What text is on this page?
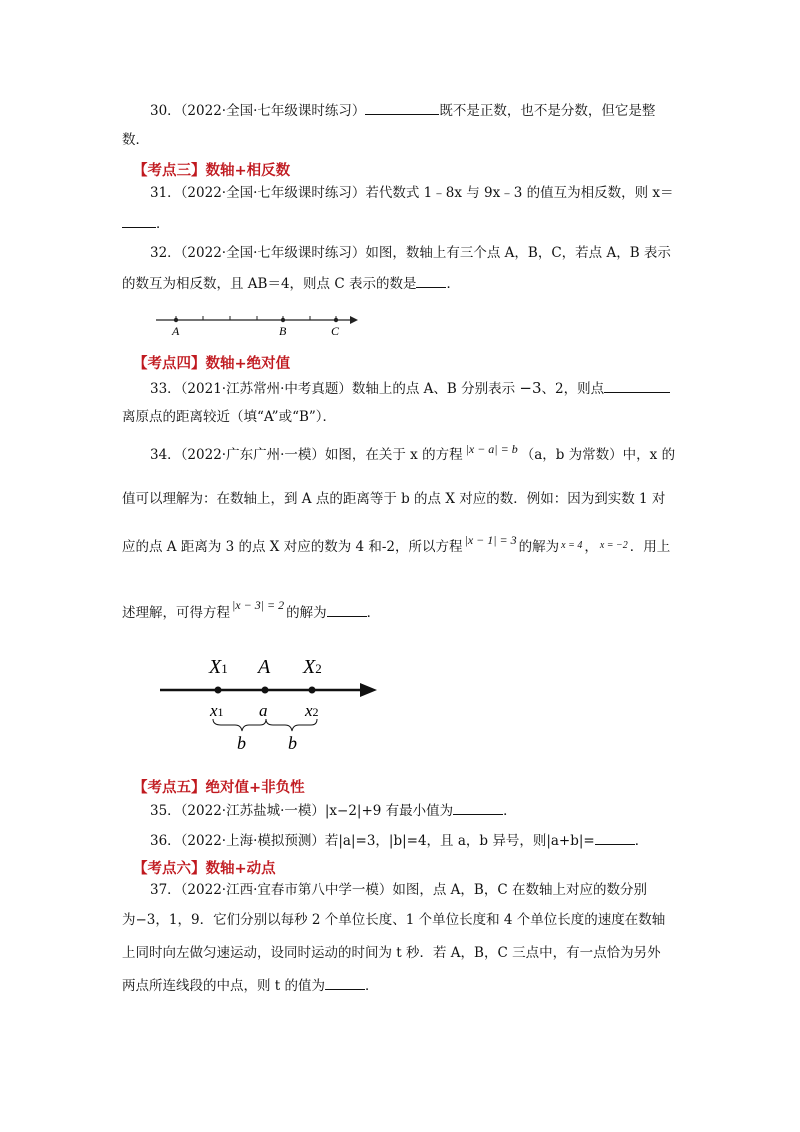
30．（2022·全国·七年级课时练习）	既不是正数，也不是分数，但它是整
数．
【考点三】数轴+相反数
31．（2022·全国·七年级课时练习）若代数式 1﹣8x 与 9x﹣3 的值互为相反数，则 x＝
．
32．（2022·全国·七年级课时练习）如图，数轴上有三个点 A，B，C，若点 A，B 表示
的数互为相反数，且 AB＝4，则点 C 表示的数是 ．
A	B	C
【考点四】数轴+绝对值
33．（2021·江苏常州·中考真题）数轴上的点 A、B 分别表示 −3、2，则点
离原点的距离较近（填“A”或“B”）．
34．（2022·广东广州·一模）如图，在关于 x 的方程 |x − a| = b （a，b 为常数）中，x 的
值可以理解为：在数轴上，到 A 点的距离等于 b 的点 X 对应的数．例如：因为到实数 1 对
应的点 A 距离为 3 的点 X 对应的数为 4 和-2，所以方程 |x − 1| = 3 的解为 $^{x = 4}$ ， $^{x = -2}$ ．用上
述理解，可得方程 |x − 3| = 2 的解为	．
X1 A X2
x1 a x2
b b
【考点五】绝对值+非负性
35．（2022·江苏盐城·一模）|x−2|+9 有最小值为	．
36．（2022·上海·模拟预测）若|a|=3，|b|=4，且 a，b 异号，则|a+b|=	．
【考点六】数轴+动点
37．（2022·江西·宜春市第八中学一模）如图，点 A，B，C 在数轴上对应的数分别
为−3，1，9．它们分别以每秒 2 个单位长度、1 个单位长度和 4 个单位长度的速度在数轴
上同时向左做匀速运动，设同时运动的时间为 t 秒．若 A，B，C 三点中，有一点恰为另外
两点所连线段的中点，则 t 的值为	．
